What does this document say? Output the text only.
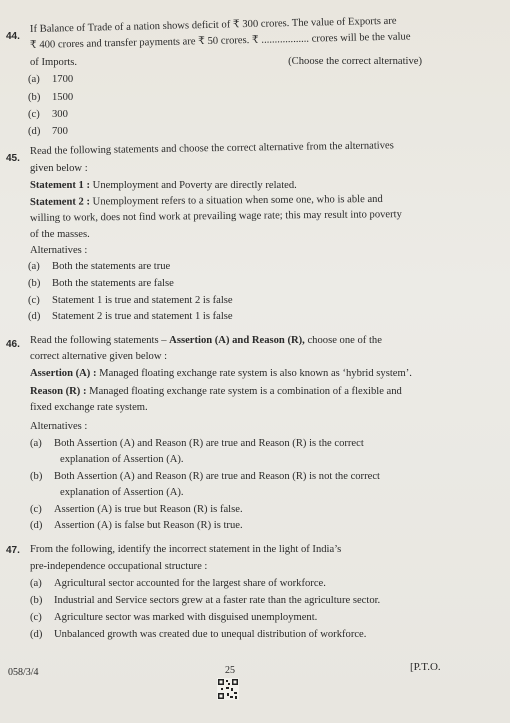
44.
If Balance of Trade of a nation shows deficit of ₹ 300 crores. The value of Exports are
₹ 400 crores and transfer payments are ₹ 50 crores. ₹ .................. crores will be the value
of Imports.	(Choose the correct alternative)
(a) 1700
(b) 1500
(c) 300
(d) 700
45.
Read the following statements and choose the correct alternative from the alternatives
given below :
Statement 1 : Unemployment and Poverty are directly related.
Statement 2 : Unemployment refers to a situation when some one, who is able and
willing to work, does not find work at prevailing wage rate; this may result into poverty
of the masses.
Alternatives :
(a) Both the statements are true
(b) Both the statements are false
(c) Statement 1 is true and statement 2 is false
(d) Statement 2 is true and statement 1 is false
46. Read the following statements – Assertion (A) and Reason (R), choose one of the
correct alternative given below :
Assertion (A) : Managed floating exchange rate system is also known as ‘hybrid system’.
Reason (R) : Managed floating exchange rate system is a combination of a flexible and
fixed exchange rate system.
Alternatives :
(a) Both Assertion (A) and Reason (R) are true and Reason (R) is the correct
explanation of Assertion (A).
(b) Both Assertion (A) and Reason (R) are true and Reason (R) is not the correct
explanation of Assertion (A).
(c) Assertion (A) is true but Reason (R) is false.
(d) Assertion (A) is false but Reason (R) is true.
47. From the following, identify the incorrect statement in the light of India’s
pre-independence occupational structure :
(a) Agricultural sector accounted for the largest share of workforce.
(b) Industrial and Service sectors grew at a faster rate than the agriculture sector.
(c) Agriculture sector was marked with disguised unemployment.
(d) Unbalanced growth was created due to unequal distribution of workforce.
058/3/4	25	[P.T.O.
